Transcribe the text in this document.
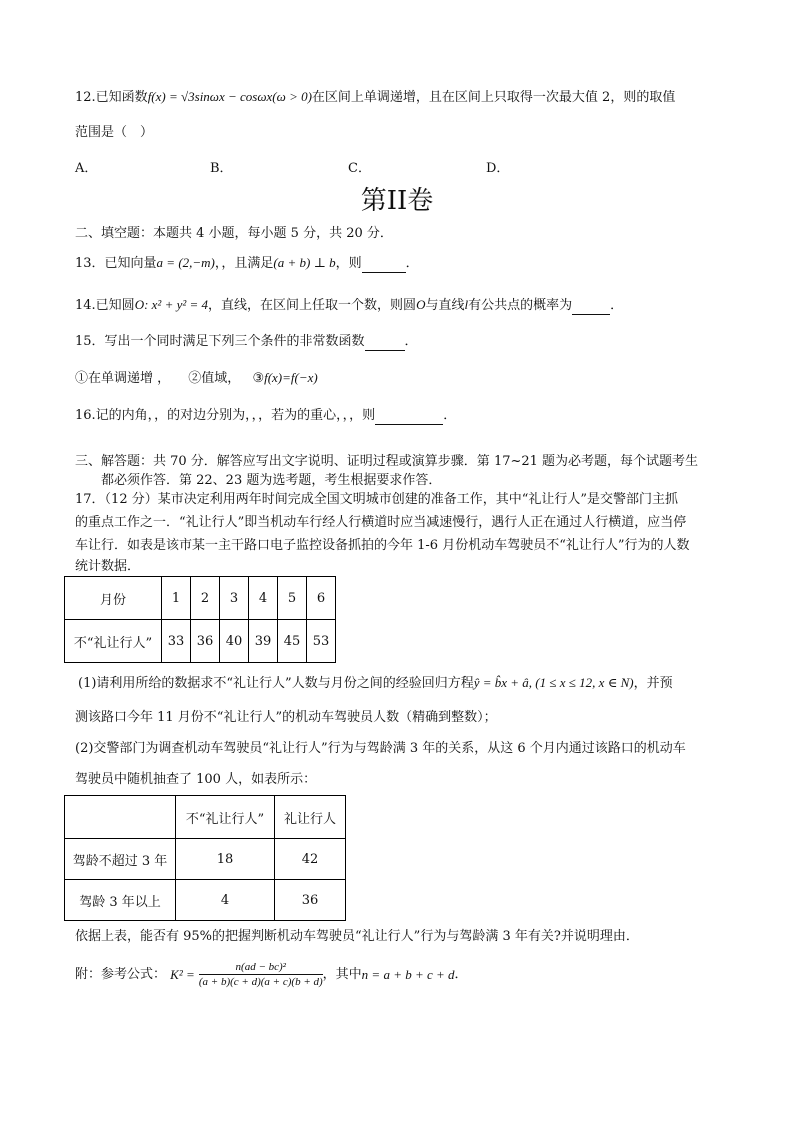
12.已知函数f(x) = √3sinωx − cosωx(ω > 0)在区间上单调递增，且在区间上只取得一次最大值 2，则的取值
范围是（　）
A．	B．	C．	D．
第II卷
二、填空题：本题共 4 小题，每小题 5 分，共 20 分．
13．已知向量a = (2,−m)，，且满足(a + b) ⊥ b，则	．
14.已知圆O: x² + y² = 4，直线，在区间上任取一个数，则圆O与直线l有公共点的概率为	．
15．写出一个同时满足下列三个条件的非常数函数	．
①在单调递增 ， ②值域， ③f(x)=f(−x)
16.记的内角，，的对边分别为，，，若为的重心，，，则	．
三、解答题：共 70 分．解答应写出文字说明、证明过程或演算步骤．第 17~21 题为必考题，每个试题考生
都必须作答．第 22、23 题为选考题，考生根据要求作答．
17．（12 分）某市决定利用两年时间完成全国文明城市创建的准备工作，其中“礼让行人”是交警部门主抓
的重点工作之一．“礼让行人”即当机动车行经人行横道时应当减速慢行，遇行人正在通过人行横道，应当停
车让行．如表是该市某一主干路口电子监控设备抓拍的今年 1-6 月份机动车驾驶员不“礼让行人”行为的人数
统计数据．
月份	1	2	3	4	5	6
不“礼让行人”	33	36	40	39	45	53
(1)请利用所给的数据求不“礼让行人”人数与月份之间的经验回归方程ŷ = b̂x + â, (1 ≤ x ≤ 12, x ∈ N)，并预
测该路口今年 11 月份不“礼让行人”的机动车驾驶员人数（精确到整数）；
(2)交警部门为调查机动车驾驶员“礼让行人”行为与驾龄满 3 年的关系，从这 6 个月内通过该路口的机动车
驾驶员中随机抽查了 100 人，如表所示：
	不“礼让行人”	礼让行人
驾龄不超过 3 年	18	42
驾龄 3 年以上	4	36
依据上表，能否有 95%的把握判断机动车驾驶员“礼让行人”行为与驾龄满 3 年有关?并说明理由．
附：参考公式： $K^2 = \frac{\text{n(ad − bc)²}}{(a + b)(c + d)(a + c)(b + d)}$ ，其中n = a + b + c + d．
